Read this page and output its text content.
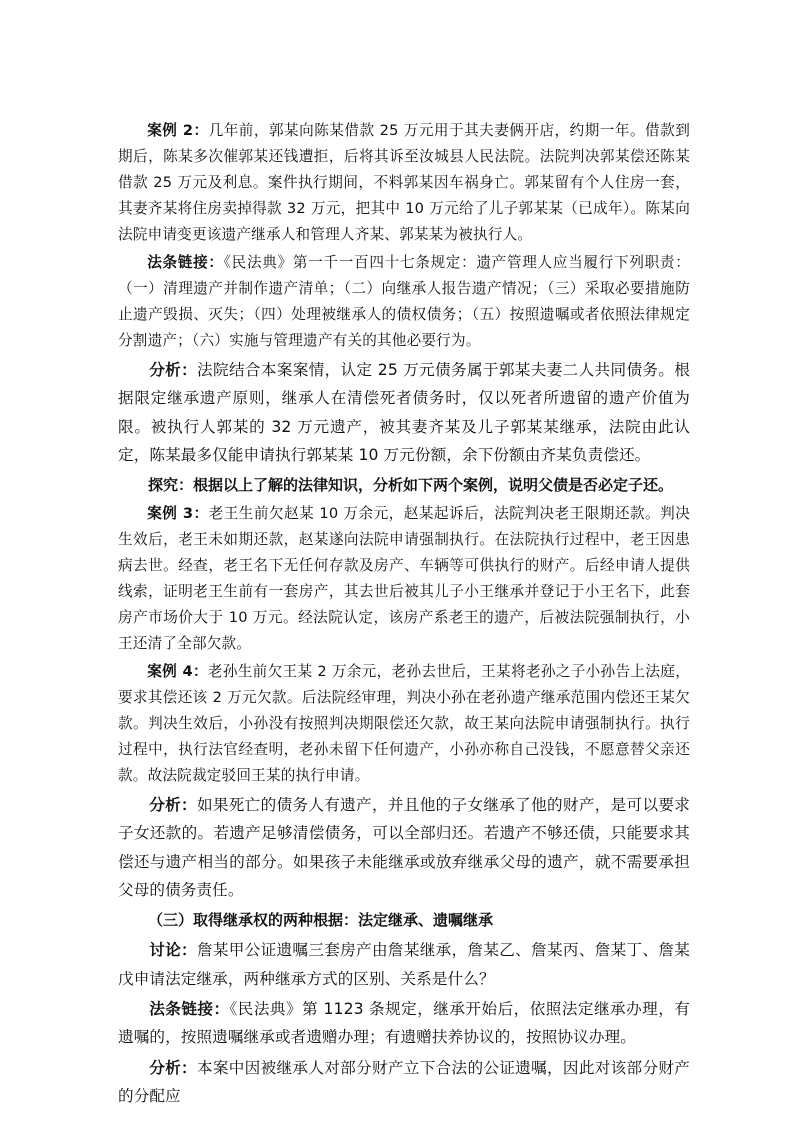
案例 2：几年前，郭某向陈某借款 25 万元用于其夫妻俩开店，约期一年。借款到期后，陈某多次催郭某还钱遭拒，后将其诉至汝城县人民法院。法院判决郭某偿还陈某借款 25 万元及利息。案件执行期间，不料郭某因车祸身亡。郭某留有个人住房一套，其妻齐某将住房卖掉得款 32 万元，把其中 10 万元给了儿子郭某某（已成年）。陈某向法院申请变更该遗产继承人和管理人齐某、郭某某为被执行人。

法条链接：《民法典》第一千一百四十七条规定：遗产管理人应当履行下列职责：（一）清理遗产并制作遗产清单；（二）向继承人报告遗产情况；（三）采取必要措施防止遗产毁损、灭失；（四）处理被继承人的债权债务；（五）按照遗嘱或者依照法律规定分割遗产；（六）实施与管理遗产有关的其他必要行为。

分析：法院结合本案案情，认定 25 万元债务属于郭某夫妻二人共同债务。根据限定继承遗产原则，继承人在清偿死者债务时，仅以死者所遗留的遗产价值为限。被执行人郭某的 32 万元遗产，被其妻齐某及儿子郭某某继承，法院由此认定，陈某最多仅能申请执行郭某某 10 万元份额，余下份额由齐某负责偿还。

探究：根据以上了解的法律知识，分析如下两个案例，说明父债是否必定子还。

案例 3：老王生前欠赵某 10 万余元，赵某起诉后，法院判决老王限期还款。判决生效后，老王未如期还款，赵某遂向法院申请强制执行。在法院执行过程中，老王因患病去世。经查，老王名下无任何存款及房产、车辆等可供执行的财产。后经申请人提供线索，证明老王生前有一套房产，其去世后被其儿子小王继承并登记于小王名下，此套房产市场价大于 10 万元。经法院认定，该房产系老王的遗产，后被法院强制执行，小王还清了全部欠款。

案例 4：老孙生前欠王某 2 万余元，老孙去世后，王某将老孙之子小孙告上法庭，要求其偿还该 2 万元欠款。后法院经审理，判决小孙在老孙遗产继承范围内偿还王某欠款。判决生效后，小孙没有按照判决期限偿还欠款，故王某向法院申请强制执行。执行过程中，执行法官经查明，老孙未留下任何遗产，小孙亦称自己没钱，不愿意替父亲还款。故法院裁定驳回王某的执行申请。

分析：如果死亡的债务人有遗产，并且他的子女继承了他的财产，是可以要求子女还款的。若遗产足够清偿债务，可以全部归还。若遗产不够还债，只能要求其偿还与遗产相当的部分。如果孩子未能继承或放弃继承父母的遗产，就不需要承担父母的债务责任。

（三）取得继承权的两种根据：法定继承、遗嘱继承

讨论：詹某甲公证遗嘱三套房产由詹某继承，詹某乙、詹某丙、詹某丁、詹某戊申请法定继承，两种继承方式的区别、关系是什么？

法条链接：《民法典》第 1123 条规定，继承开始后，依照法定继承办理，有遗嘱的，按照遗嘱继承或者遗赠办理；有遗赠扶养协议的，按照协议办理。

分析：本案中因被继承人对部分财产立下合法的公证遗嘱，因此对该部分财产的分配应
